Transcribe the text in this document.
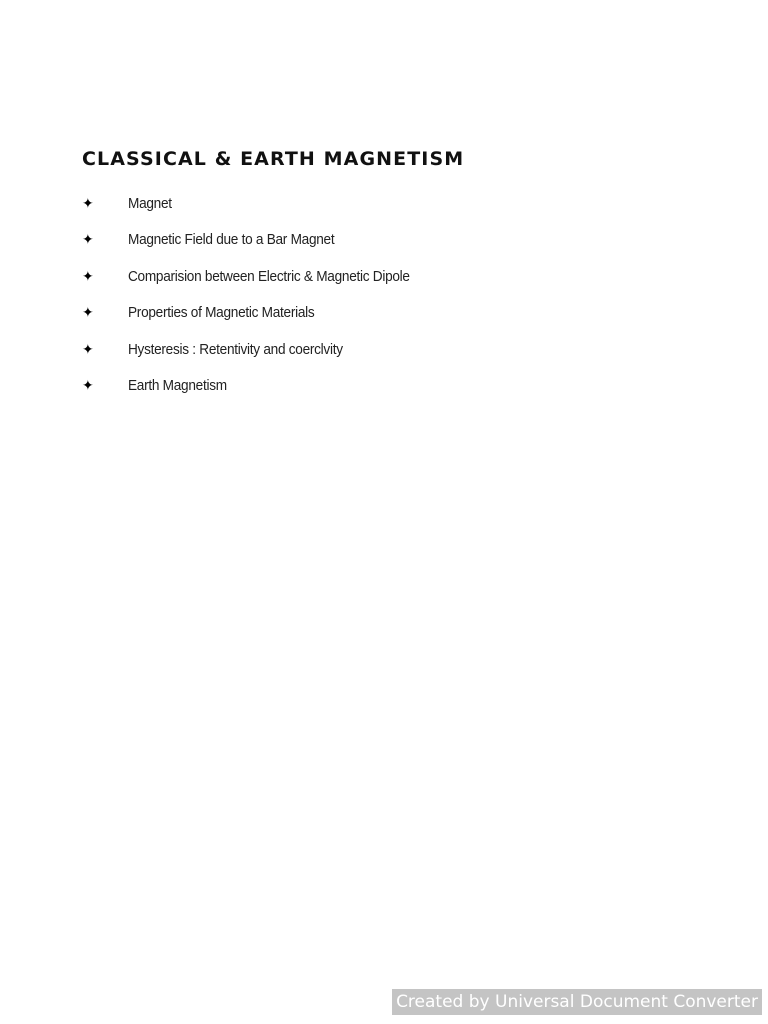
CLASSICAL & EARTH MAGNETISM
✦	Magnet
✦	Magnetic Field due to a Bar Magnet
✦	Comparision between Electric & Magnetic Dipole
✦	Properties of Magnetic Materials
✦	Hysteresis : Retentivity and coerclvity
✦	Earth Magnetism
Created by Universal Document Converter
